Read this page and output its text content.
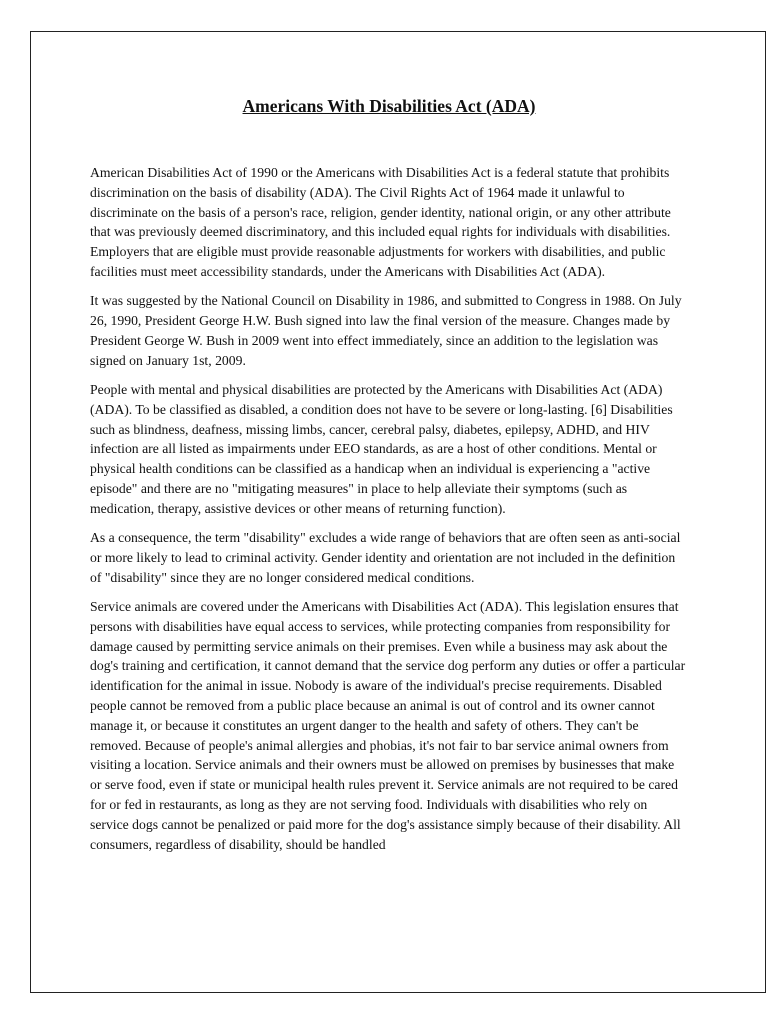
Americans With Disabilities Act (ADA)

American Disabilities Act of 1990 or the Americans with Disabilities Act is a federal statute that prohibits discrimination on the basis of disability (ADA). The Civil Rights Act of 1964 made it unlawful to discriminate on the basis of a person's race, religion, gender identity, national origin, or any other attribute that was previously deemed discriminatory, and this included equal rights for individuals with disabilities. Employers that are eligible must provide reasonable adjustments for workers with disabilities, and public facilities must meet accessibility standards, under the Americans with Disabilities Act (ADA).

It was suggested by the National Council on Disability in 1986, and submitted to Congress in 1988. On July 26, 1990, President George H.W. Bush signed into law the final version of the measure. Changes made by President George W. Bush in 2009 went into effect immediately, since an addition to the legislation was signed on January 1st, 2009.

People with mental and physical disabilities are protected by the Americans with Disabilities Act (ADA) (ADA). To be classified as disabled, a condition does not have to be severe or long-lasting. [6] Disabilities such as blindness, deafness, missing limbs, cancer, cerebral palsy, diabetes, epilepsy, ADHD, and HIV infection are all listed as impairments under EEO standards, as are a host of other conditions. Mental or physical health conditions can be classified as a handicap when an individual is experiencing a "active episode" and there are no "mitigating measures" in place to help alleviate their symptoms (such as medication, therapy, assistive devices or other means of returning function).

As a consequence, the term "disability" excludes a wide range of behaviors that are often seen as anti-social or more likely to lead to criminal activity. Gender identity and orientation are not included in the definition of "disability" since they are no longer considered medical conditions.

Service animals are covered under the Americans with Disabilities Act (ADA). This legislation ensures that persons with disabilities have equal access to services, while protecting companies from responsibility for damage caused by permitting service animals on their premises. Even while a business may ask about the dog's training and certification, it cannot demand that the service dog perform any duties or offer a particular identification for the animal in issue. Nobody is aware of the individual's precise requirements. Disabled people cannot be removed from a public place because an animal is out of control and its owner cannot manage it, or because it constitutes an urgent danger to the health and safety of others. They can't be removed. Because of people's animal allergies and phobias, it's not fair to bar service animal owners from visiting a location. Service animals and their owners must be allowed on premises by businesses that make or serve food, even if state or municipal health rules prevent it. Service animals are not required to be cared for or fed in restaurants, as long as they are not serving food. Individuals with disabilities who rely on service dogs cannot be penalized or paid more for the dog's assistance simply because of their disability. All consumers, regardless of disability, should be handled
